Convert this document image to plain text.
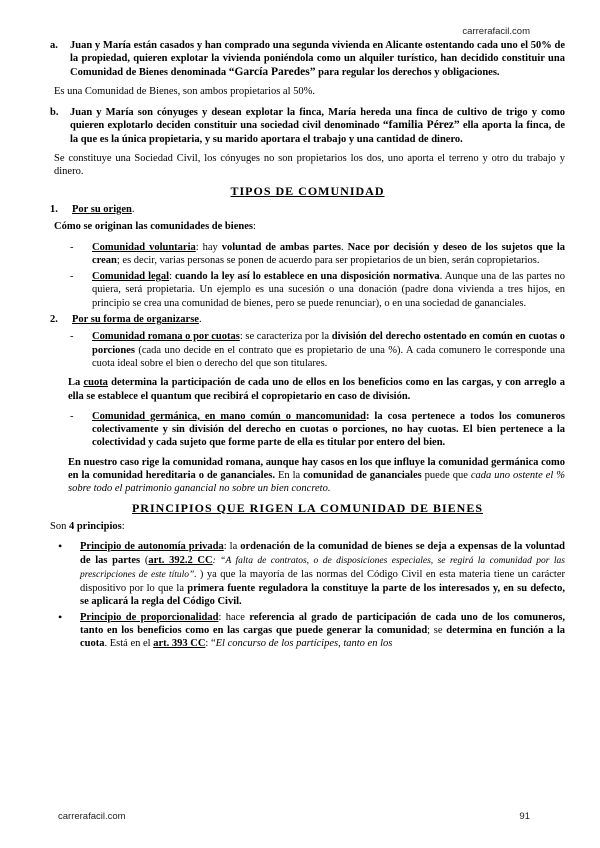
carrerafacil.com
a.	Juan y María están casados y han comprado una segunda vivienda en Alicante ostentando cada uno el 50% de la propiedad, quieren explotar la vivienda poniéndola como un alquiler turístico, han decidido constituir una Comunidad de Bienes denominada “García Paredes” para regular los derechos y obligaciones.

Es una Comunidad de Bienes, son ambos propietarios al 50%.

b.	Juan y María son cónyuges y desean explotar la finca, María hereda una finca de cultivo de trigo y como quieren explotarlo deciden constituir una sociedad civil denominado “familia Pérez” ella aporta la finca, de la que es la única propietaria, y su marido aportara el trabajo y una cantidad de dinero.

Se constituye una Sociedad Civil, los cónyuges no son propietarios los dos, uno aporta el terreno y otro du trabajo y dinero.

TIPOS DE COMUNIDAD
1.	Por su origen.

Cómo se originan las comunidades de bienes:

-	Comunidad voluntaria: hay voluntad de ambas partes. Nace por decisión y deseo de los sujetos que la crean; es decir, varias personas se ponen de acuerdo para ser propietarios de un bien, serán copropietarios.
-	Comunidad legal: cuando la ley así lo establece en una disposición normativa. Aunque una de las partes no quiera, será propietaria. Un ejemplo es una sucesión o una donación (padre dona vivienda a tres hijos, en principio se crea una comunidad de bienes, pero se puede renunciar), o en una sociedad de gananciales.
2.	Por su forma de organizarse.
-	Comunidad romana o por cuotas: se caracteriza por la división del derecho ostentado en común en cuotas o porciones (cada uno decide en el contrato que es propietario de una %). A cada comunero le corresponde una cuota ideal sobre el bien o derecho del que son titulares.

La cuota determina la participación de cada uno de ellos en los beneficios como en las cargas, y con arreglo a ella se establece el quantum que recibirá el copropietario en caso de división.

-	Comunidad germánica, en mano común o mancomunidad: la cosa pertenece a todos los comuneros colectivamente y sin división del derecho en cuotas o porciones, no hay cuotas. El bien pertenece a la colectividad y cada sujeto que forme parte de ella es titular por entero del bien.

En nuestro caso rige la comunidad romana, aunque hay casos en los que influye la comunidad germánica como en la comunidad hereditaria o de gananciales. En la comunidad de gananciales puede que cada uno ostente el % sobre todo el patrimonio ganancial no sobre un bien concreto.

PRINCIPIOS QUE RIGEN LA COMUNIDAD DE BIENES

Son 4 principios:

•	Principio de autonomía privada: la ordenación de la comunidad de bienes se deja a expensas de la voluntad de las partes (art. 392.2 CC: “A falta de contratos, o de disposiciones especiales, se regirá la comunidad por las prescripciones de este título”. ) ya que la mayoría de las normas del Código Civil en esta materia tiene un carácter dispositivo por lo que la primera fuente reguladora la constituye la parte de los interesados y, en su defecto, se aplicará la regla del Código Civil.
•	Principio de proporcionalidad: hace referencia al grado de participación de cada uno de los comuneros, tanto en los beneficios como en las cargas que puede generar la comunidad; se determina en función a la cuota. Está en el art. 393 CC: “El concurso de los partícipes, tanto en los
carrerafacil.com	91
